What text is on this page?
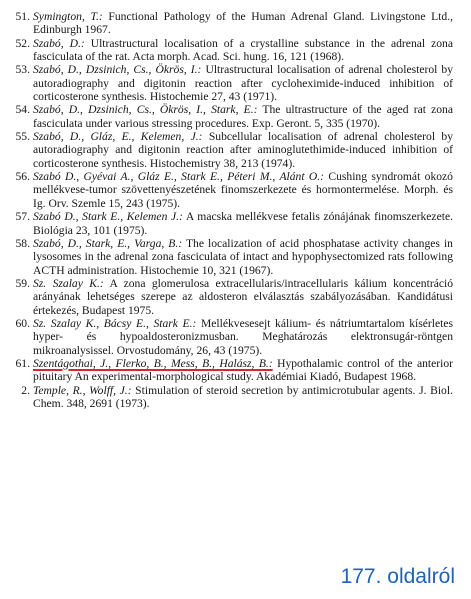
51. Symington, T.: Functional Pathology of the Human Adrenal Gland. Livingstone Ltd., Edinburgh 1967.
52. Szabó, D.: Ultrastructural localisation of a crystalline substance in the adrenal zona fasciculata of the rat. Acta morph. Acad. Sci. hung. 16, 121 (1968).
53. Szabó, D., Dzsinich, Cs., Ökrös, I.: Ultrastructural localisation of adrenal cholesterol by autoradiography and digitonin reaction after cycloheximide-induced inhibition of corticosterone synthesis. Histochemie 27, 43 (1971).
54. Szabó, D., Dzsinich, Cs., Ökrös, I., Stark, E.: The ultrastructure of the aged rat zona fasciculata under various stressing procedures. Exp. Geront. 5, 335 (1970).
55. Szabó, D., Gláz, E., Kelemen, J.: Subcellular localisation of adrenal cholesterol by autoradiography and digitonin reaction after aminoglutethimide-induced inhibition of corticosterone synthesis. Histochemistry 38, 213 (1974).
56. Szabó D., Gyévai A., Gláz E., Stark E., Péteri M., Alánt O.: Cushing syndromát okozó mellékvese-tumor szövettenyészetének finomszerkezete és hormontermelése. Morph. és Ig. Orv. Szemle 15, 243 (1975).
57. Szabó D., Stark E., Kelemen J.: A macska mellékvese fetalis zónájának finomszerkezete. Biológia 23, 101 (1975).
58. Szabó, D., Stark, E., Varga, B.: The localization of acid phosphatase activity changes in lysosomes in the adrenal zona fasciculata of intact and hypophysectomized rats following ACTH administration. Histochemie 10, 321 (1967).
59. Sz. Szalay K.: A zona glomerulosa extracellularis/intracellularis kálium koncentráció arányának lehetséges szerepe az aldosteron elválasztás szabályozásában. Kandidátusi értekezés, Budapest 1975.
60. Sz. Szalay K., Bácsy E., Stark E.: Mellékvesesejt kálium- és nátriumtartalom kísérletes hyper- és hypoaldosteronizmusban. Meghatározás elektronsugár-röntgen mikroanalysissel. Orvostudomány, 26, 43 (1975).
61. Szentágothai, J., Flerko, B., Mess, B., Halász, B.: Hypothalamic control of the anterior pituitary An experimental-morphological study. Akadémiai Kiadó, Budapest 1968.
2. Temple, R., Wolff, J.: Stimulation of steroid secretion by antimicrotubular agents. J. Biol. Chem. 348, 2691 (1973).
177. oldalról
